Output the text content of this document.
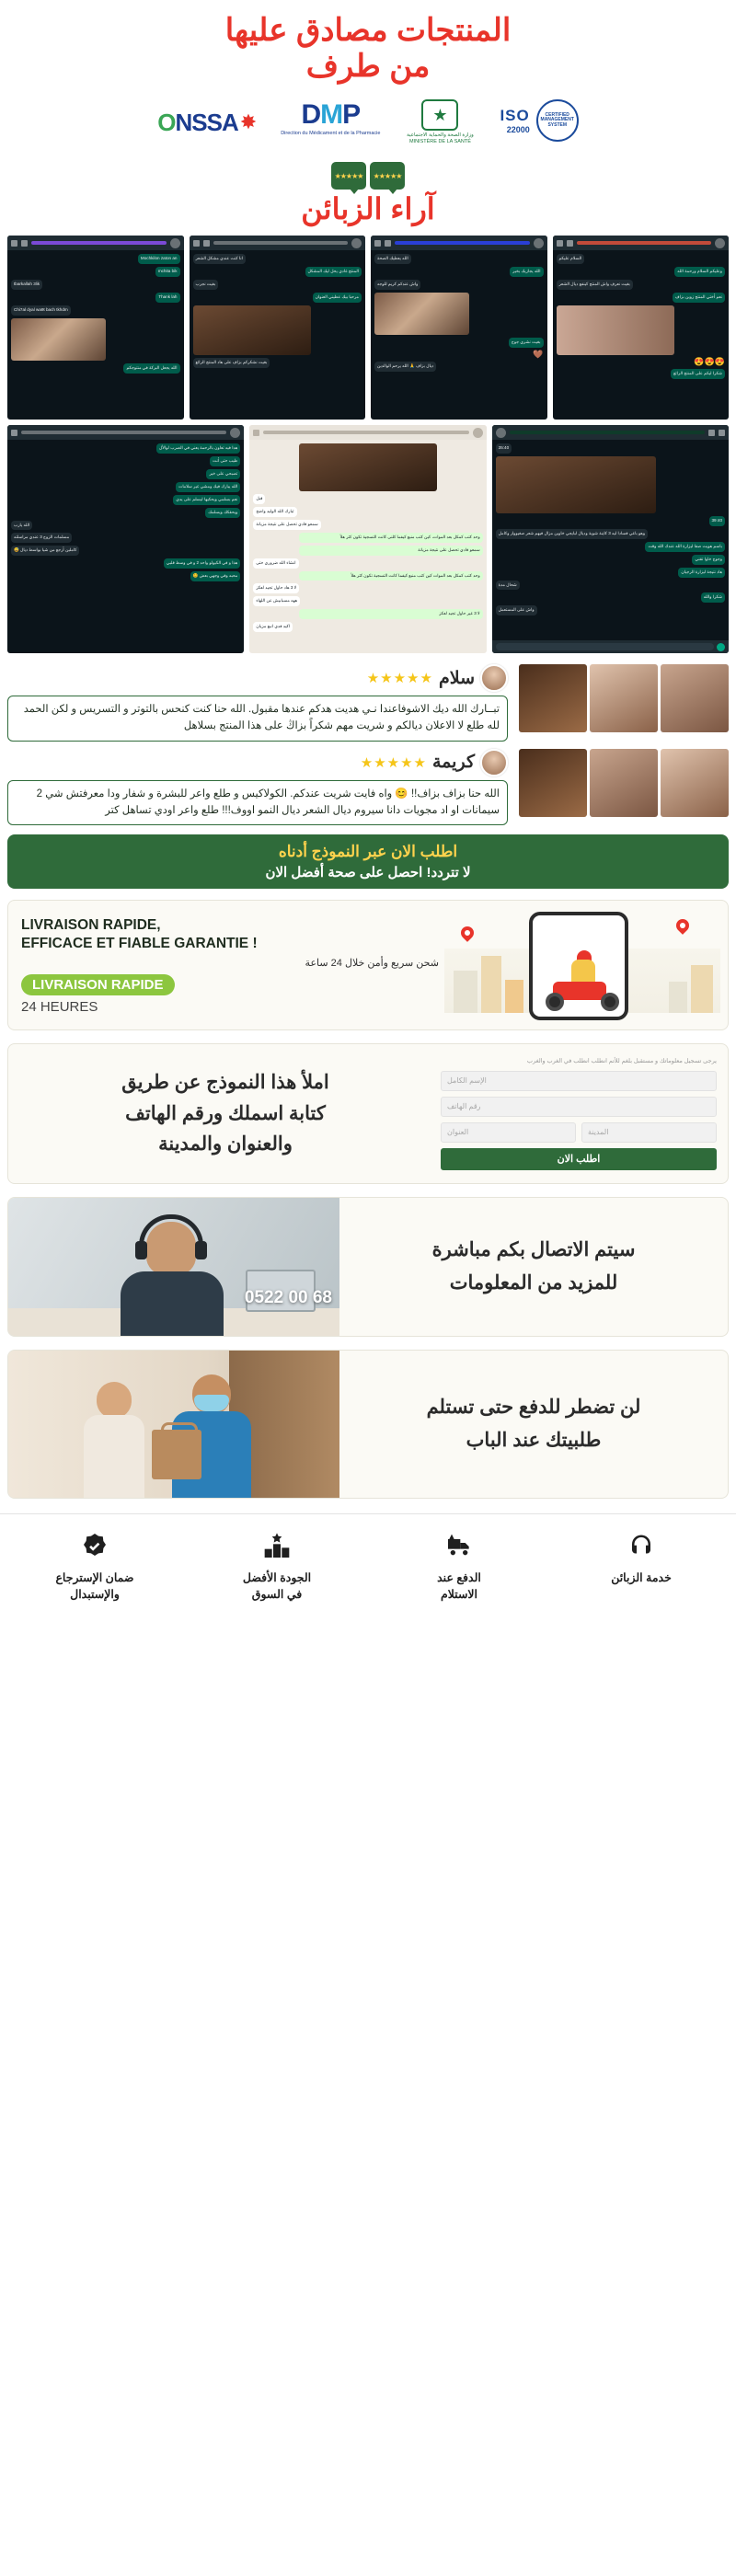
المنتجات مصادق عليها
من طرف
CERTIFIED MANAGEMENT SYSTEM
ISO
22000
★
وزارة الصحة والحماية الاجتماعية MINISTÈRE DE LA SANTÉ
DMP
Direction du Médicament et de la Pharmacie
✸
ONSSA
★★★★★
★★★★★
آراء الزبائن
السلام عليكم
وعليكم السلام ورحمة الله
بغيت نعرف واش المنتج كينفع ديال الشعر
نعم أختي المنتج زوين بزاف
😍😍😍
شكرا ليكم على المنتج الرائع
الله يعطيك الصحة
الله يجازيك بخير
واش عندكم كريم للوجه
بغيت نشري جوج
🤎
ديال بزاف 🙏 الله يرحم الوالدين
انا كنت عندي مشكل الشعر
المنتج غادي يحل ليك المشكل
بغيت نجرب
مرحبا بيك عطيني العنوان
بغيت نشكركم بزاف على هاد المنتج الرائع
Mochkilon zaton an
mchita bik
tbarkallah 3lik
Thank lah
Chi7al dyal wa9t bach tkhdm
الله يجعل البركة في منتوجكم
35:40
39:40
وهو باغي فسادا ليه 3 كاينة شوية وديال لبايجي خاوين مزال فيهم شعر صغيووار وكامل
باسم هويت صفا ليزارة الله عندك الله وقت
وجوج خاوا تقني
هاد نتيجة ليزارة الرجيان
شحال مدة
شكرا والله
واش على المستعمل
قبل
ئبارك الله الوليد واضح
سمعو فادي تحصل على نتيجة مزيانة
وحد كتب كمكل بعد الموات، كين كتب منبع كيفما كلنى كانت التسجية تكون كثر هلأ
سمعو فادي تحصل على نتيجة مزيانة
انشاء الله ضروري حتى
وحد كتب كمكل بعد الموات كين كتب منبع كيفما كانت التسجية تكون كثر هلأ
لا 3 هاد حاول تجيد لعكز
ههه مسبابيش عن اللهاء
لا 3 غير حاول تجيد لعكز
اكيد فدي انبع مزيان
هدا فيه تعاون بالرحمة يعني في الصرب لوالأل
طيب حتى أنت
تصبحي على خير
الله يبارك فيك ومشي غير سلامات
نعم بسلمي ويحكيها ليسلم على يدي
ويحقكك ويسلمك
الله يارب
مسلمات الزوج 3 عندي مراسلته
كاملين أرجع من شيا بواسط ديال 😅
هذا و في الكيولو واحد 2 و في وسط قلبي
محبه وفي وجهي بعض 😊
سلام
★★★★★
تبــارك الله ديك الاشوفاعندا نـي هديت هدكم عندها مقبول. الله حنا كنت كنحس بالتوتر و التسريس و لكن الحمد لله طلع لا الاعلان ديالكم و شريت مهم شكراً بزاڭ على هذا المنتج بسلاهل
كريمة
★★★★★
الله حنا بزاف بزاف!! 😊 واه فايت شريت عندكم. الكولاكيس و طلع واعر للبشرة و شفار ودا معرفتش شي 2 سيمانات او اد مجويات دانا سيروم ديال الشعر ديال النمو اووف!!! طلع واعر اودي تساهل كتر
اطلب الان عبر النموذج أدناه
لا تتردد! احصل على صحة أفضل الان
LIVRAISON RAPIDE,
EFFICACE ET FIABLE GARANTIE !
شحن سريع وأمن خلال 24 ساعة
LIVRAISON RAPIDE
24 HEURES
يرجى تسجيل معلوماتك و مستقبل بلغم للأتم انطلب انطلب في الغرب والغرب
الإسم الكامل
رقم الهاتف
المدينة
العنوان
اطلب الان
املأ هذا النموذج عن طريق
كتابة اسملك ورقم الهاتف
والعنوان والمدينة
سيتم الاتصال بكم مباشرة
للمزيد من المعلومات
0522 00 68
لن تضطر للدفع حتى تستلم
طلبيتك عند الباب
خدمة الزبائن
الدفع عند
الاستلام
الجودة الأفضل
في السوق
ضمان الإسترجاع
والإستبدال
